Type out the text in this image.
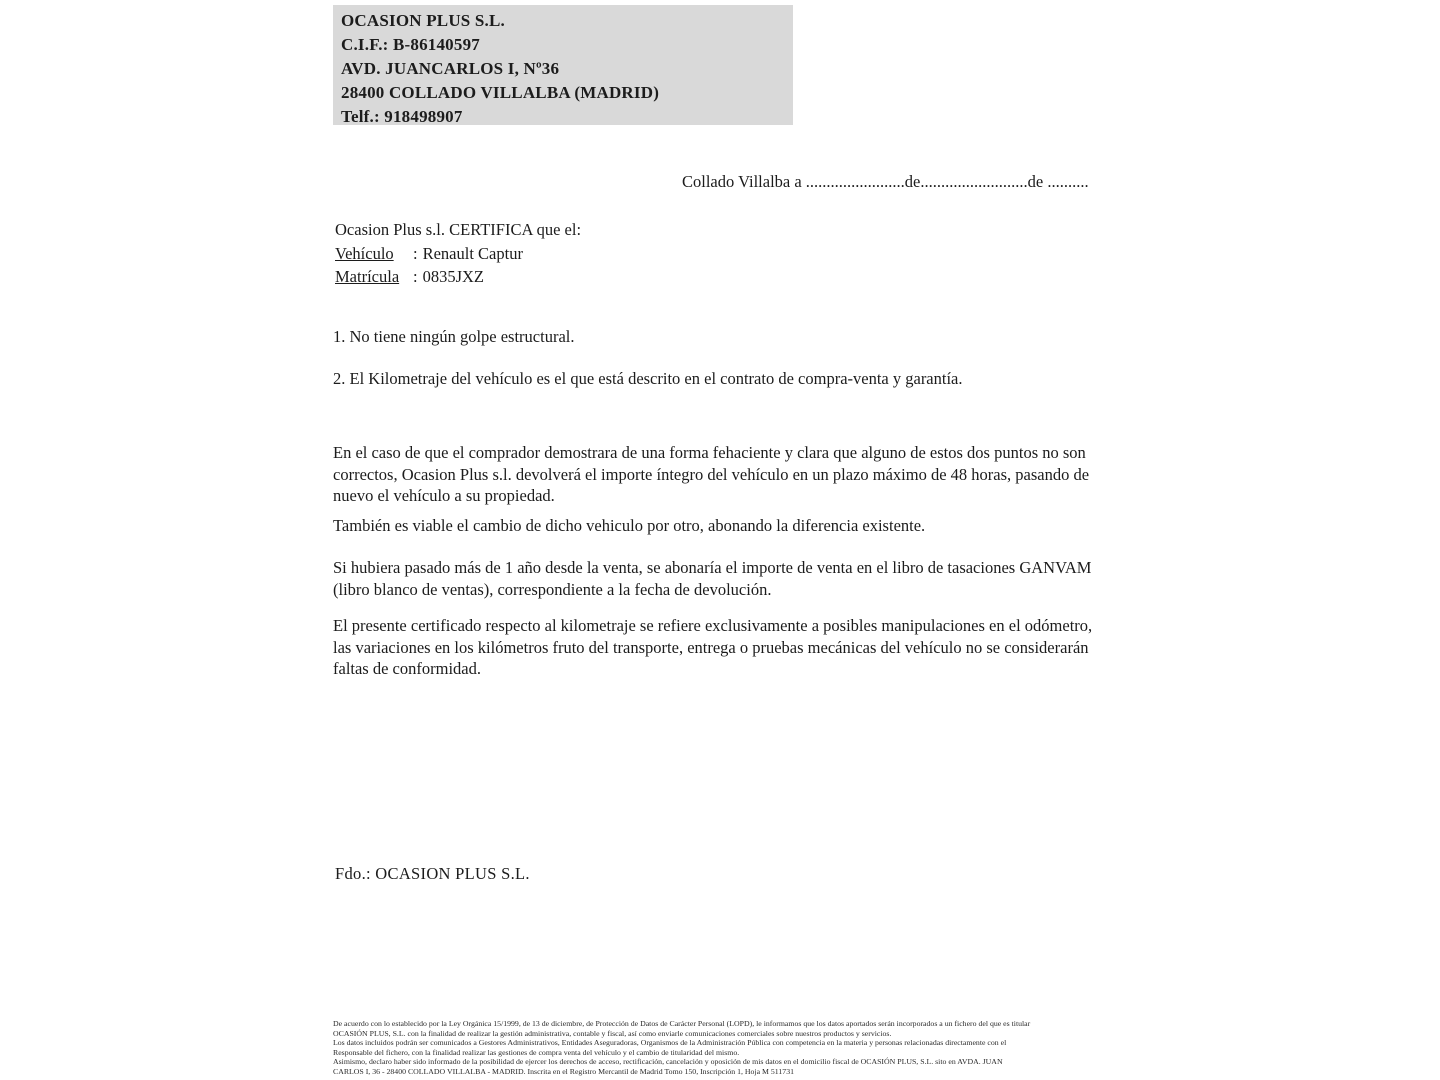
OCASION PLUS S.L.
C.I.F.: B-86140597
AVD. JUANCARLOS I, Nº36
28400 COLLADO VILLALBA (MADRID)
Telf.: 918498907
Collado Villalba a ........................de..........................de ..........
Ocasion Plus s.l. CERTIFICA que el:
Vehículo : Renault Captur
Matrícula : 0835JXZ
1. No tiene ningún golpe estructural.
2. El Kilometraje del vehículo es el que está descrito en el contrato de compra-venta y garantía.
En el caso de que el comprador demostrara de una forma fehaciente y clara que alguno de estos dos puntos no son correctos, Ocasion Plus s.l. devolverá el importe íntegro del vehículo en un plazo máximo de 48 horas, pasando de nuevo el vehículo a su propiedad.
También es viable el cambio de dicho vehiculo por otro, abonando la diferencia existente.
Si hubiera pasado más de 1 año desde la venta, se abonaría el importe de venta en el libro de tasaciones GANVAM (libro blanco de ventas), correspondiente a la fecha de devolución.
El presente certificado respecto al kilometraje se refiere exclusivamente a posibles manipulaciones en el odómetro, las variaciones en los kilómetros fruto del transporte, entrega o pruebas mecánicas del vehículo no se considerarán faltas de conformidad.
Fdo.: OCASION PLUS S.L.
De acuerdo con lo establecido por la Ley Orgánica 15/1999, de 13 de diciembre, de Protección de Datos de Carácter Personal (LOPD), le informamos que los datos aportados serán incorporados a un fichero del que es titular
OCASIÓN PLUS, S.L. con la finalidad de realizar la gestión administrativa, contable y fiscal, así como enviarle comunicaciones comerciales sobre nuestros productos y servicios.
Los datos incluidos podrán ser comunicados a Gestores Administrativos, Entidades Aseguradoras, Organismos de la Administración Pública con competencia en la materia y personas relacionadas directamente con el
Responsable del fichero, con la finalidad realizar las gestiones de compra venta del vehículo y el cambio de titularidad del mismo.
Asimismo, declaro haber sido informado de la posibilidad de ejercer los derechos de acceso, rectificación, cancelación y oposición de mis datos en el domicilio fiscal de OCASIÓN PLUS, S.L. sito en AVDA. JUAN
CARLOS I, 36 - 28400 COLLADO VILLALBA - MADRID. Inscrita en el Registro Mercantil de Madrid Tomo 150, Inscripción 1, Hoja M 511731
